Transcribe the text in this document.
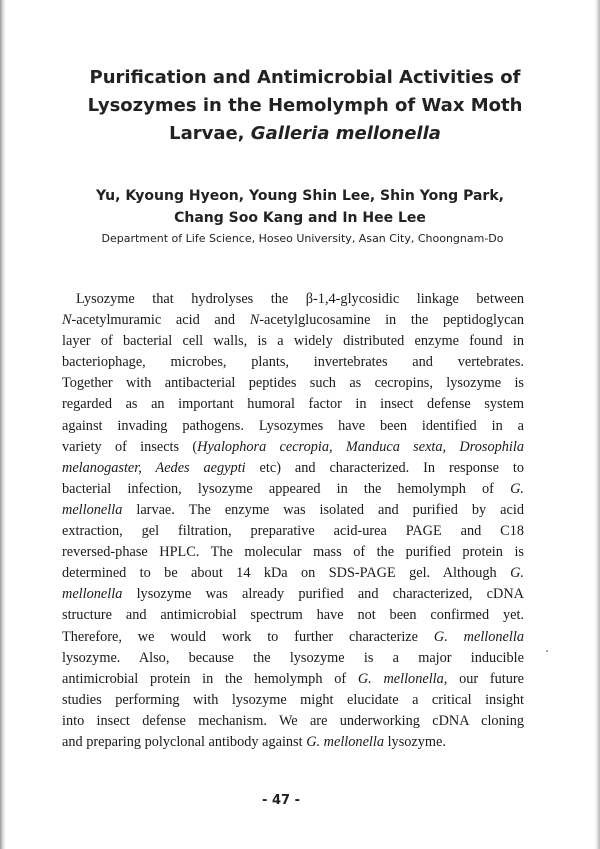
Purification and Antimicrobial Activities of
Lysozymes in the Hemolymph of Wax Moth
Larvae, Galleria mellonella
Yu, Kyoung Hyeon, Young Shin Lee, Shin Yong Park,
Chang Soo Kang and In Hee Lee
Department of Life Science, Hoseo University, Asan City, Choongnam-Do
Lysozyme that hydrolyses the β-1,4-glycosidic linkage between
N-acetylmuramic acid and N-acetylglucosamine in the peptidoglycan
layer of bacterial cell walls, is a widely distributed enzyme found in
bacteriophage, microbes, plants, invertebrates and vertebrates.
Together with antibacterial peptides such as cecropins, lysozyme is
regarded as an important humoral factor in insect defense system
against invading pathogens. Lysozymes have been identified in a
variety of insects (Hyalophora cecropia, Manduca sexta, Drosophila
melanogaster, Aedes aegypti etc) and characterized. In response to
bacterial infection, lysozyme appeared in the hemolymph of G.
mellonella larvae. The enzyme was isolated and purified by acid
extraction, gel filtration, preparative acid-urea PAGE and C18
reversed-phase HPLC. The molecular mass of the purified protein is
determined to be about 14 kDa on SDS-PAGE gel. Although G.
mellonella lysozyme was already purified and characterized, cDNA
structure and antimicrobial spectrum have not been confirmed yet.
Therefore, we would work to further characterize G. mellonella
lysozyme. Also, because the lysozyme is a major inducible
antimicrobial protein in the hemolymph of G. mellonella, our future
studies performing with lysozyme might elucidate a critical insight
into insect defense mechanism. We are underworking cDNA cloning
and preparing polyclonal antibody against G. mellonella lysozyme.
- 47 -
